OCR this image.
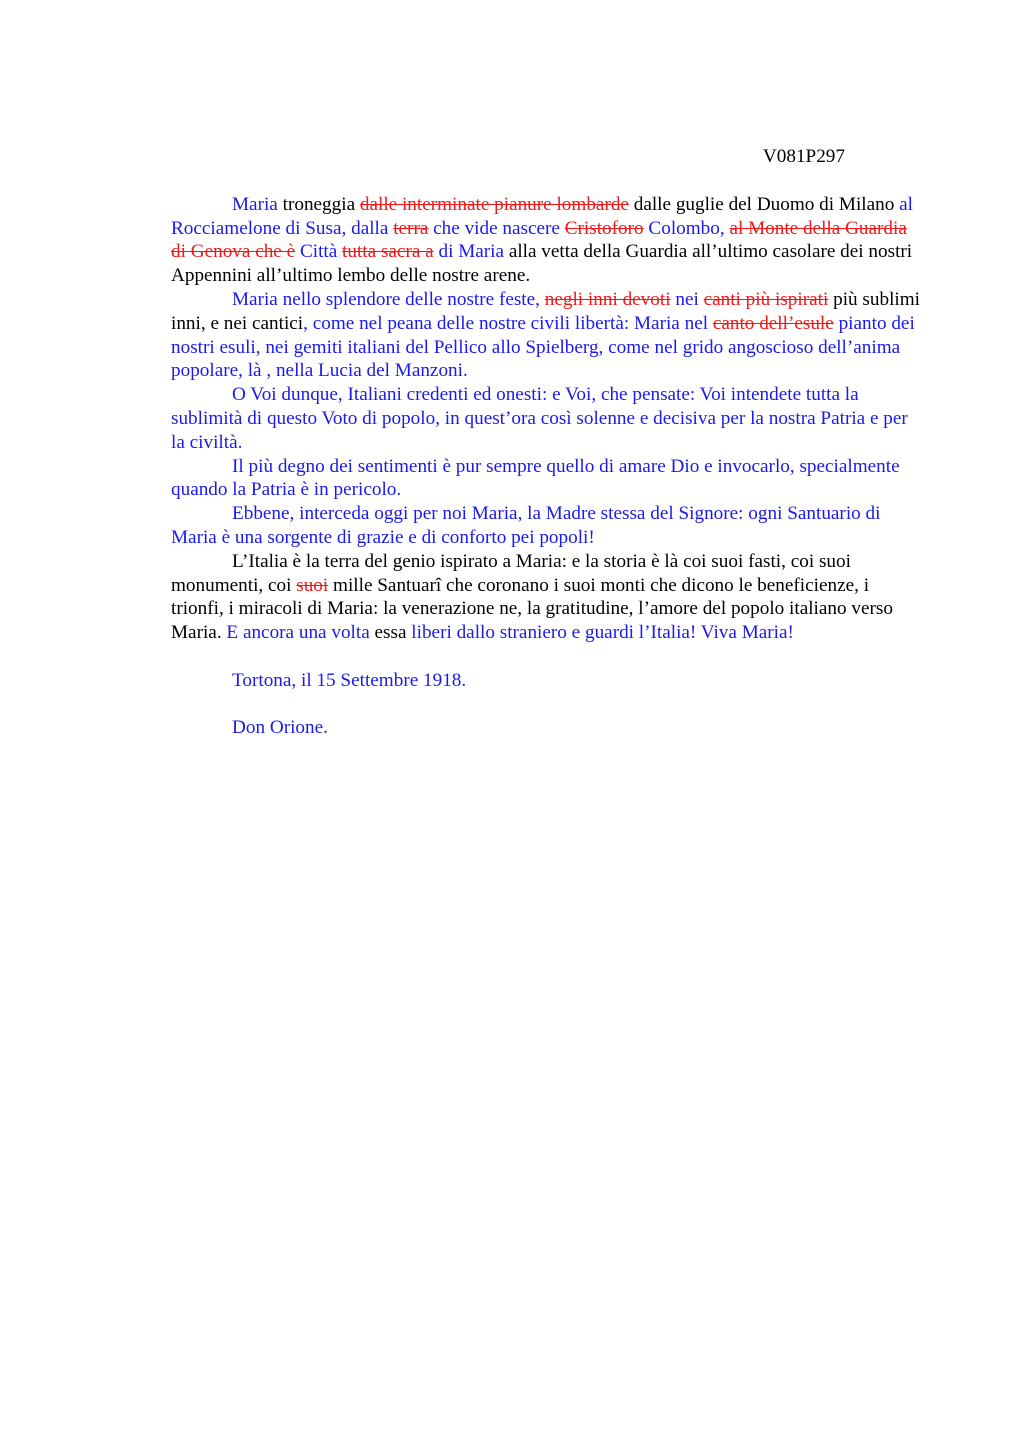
V081P297

Maria troneggia dalle interminate pianure lombarde dalle guglie del Duomo di Milano al Rocciamelone di Susa, dalla terra che vide nascere Cristoforo Colombo, al Monte della Guardia di Genova che è Città tutta sacra a di Maria alla vetta della Guardia all’ultimo casolare dei nostri Appennini all’ultimo lembo delle nostre arene.

Maria nello splendore delle nostre feste, negli inni devoti nei canti più ispirati più sublimi inni, e nei cantici, come nel peana delle nostre civili libertà: Maria nel canto dell’esule pianto dei nostri esuli, nei gemiti italiani del Pellico allo Spielberg, come nel grido angoscioso dell’anima popolare, là , nella Lucia del Manzoni.

O Voi dunque, Italiani credenti ed onesti: e Voi, che pensate: Voi intendete tutta la sublimità di questo Voto di popolo, in quest’ora così solenne e decisiva per la nostra Patria e per la civiltà.

Il più degno dei sentimenti è pur sempre quello di amare Dio e invocarlo, specialmente quando la Patria è in pericolo.

Ebbene, interceda oggi per noi Maria, la Madre stessa del Signore: ogni Santuario di Maria è una sorgente di grazie e di conforto pei popoli!

L’Italia è la terra del genio ispirato a Maria: e la storia è là coi suoi fasti, coi suoi monumenti, coi suoi mille Santuarî che coronano i suoi monti che dicono le beneficienze, i trionfi, i miracoli di Maria: la venerazione ne, la gratitudine, l’amore del popolo italiano verso Maria. E ancora una volta essa liberi dallo straniero e guardi l’Italia! Viva Maria!

Tortona, il 15 Settembre 1918.

Don Orione.
